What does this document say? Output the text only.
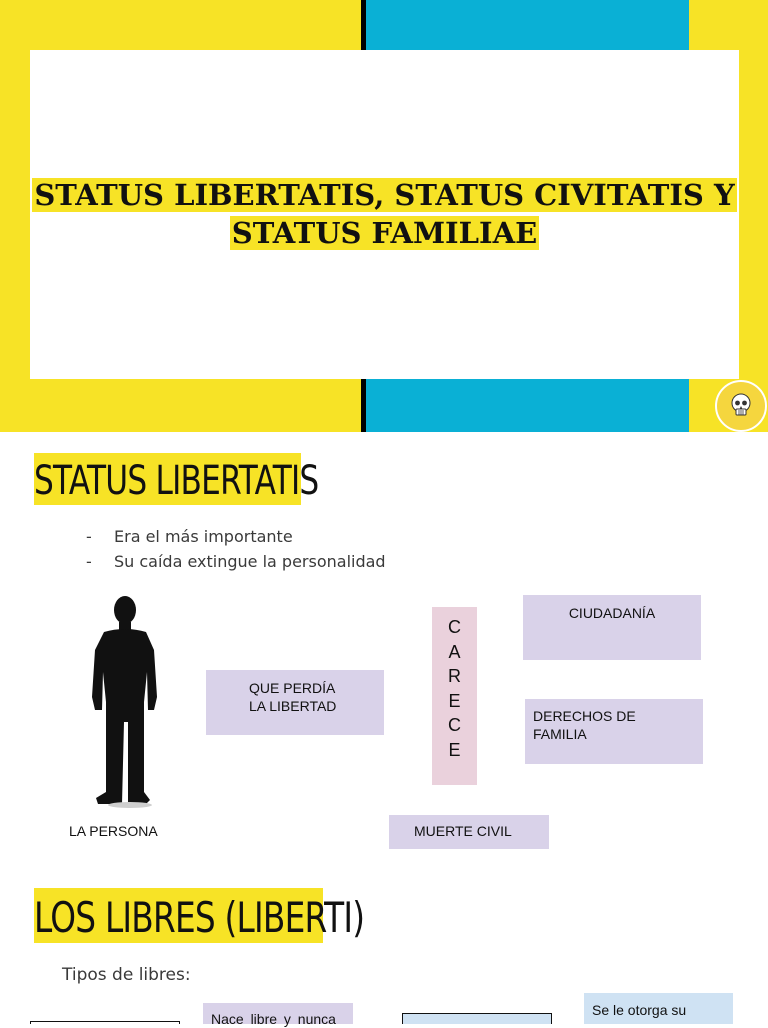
STATUS LIBERTATIS, STATUS CIVITATIS Y
STATUS FAMILIAE
STATUS LIBERTATIS
- Era el más importante
- Su caída extingue la personalidad
LA PERSONA
QUE PERDÍA
LA LIBERTAD
C
A
R
E
C
E
CIUDADANÍA
DERECHOS DE
FAMILIA
MUERTE CIVIL
LOS LIBRES (LIBERTI)
Tipos de libres:
Nace libre y nunca
Se le otorga su
